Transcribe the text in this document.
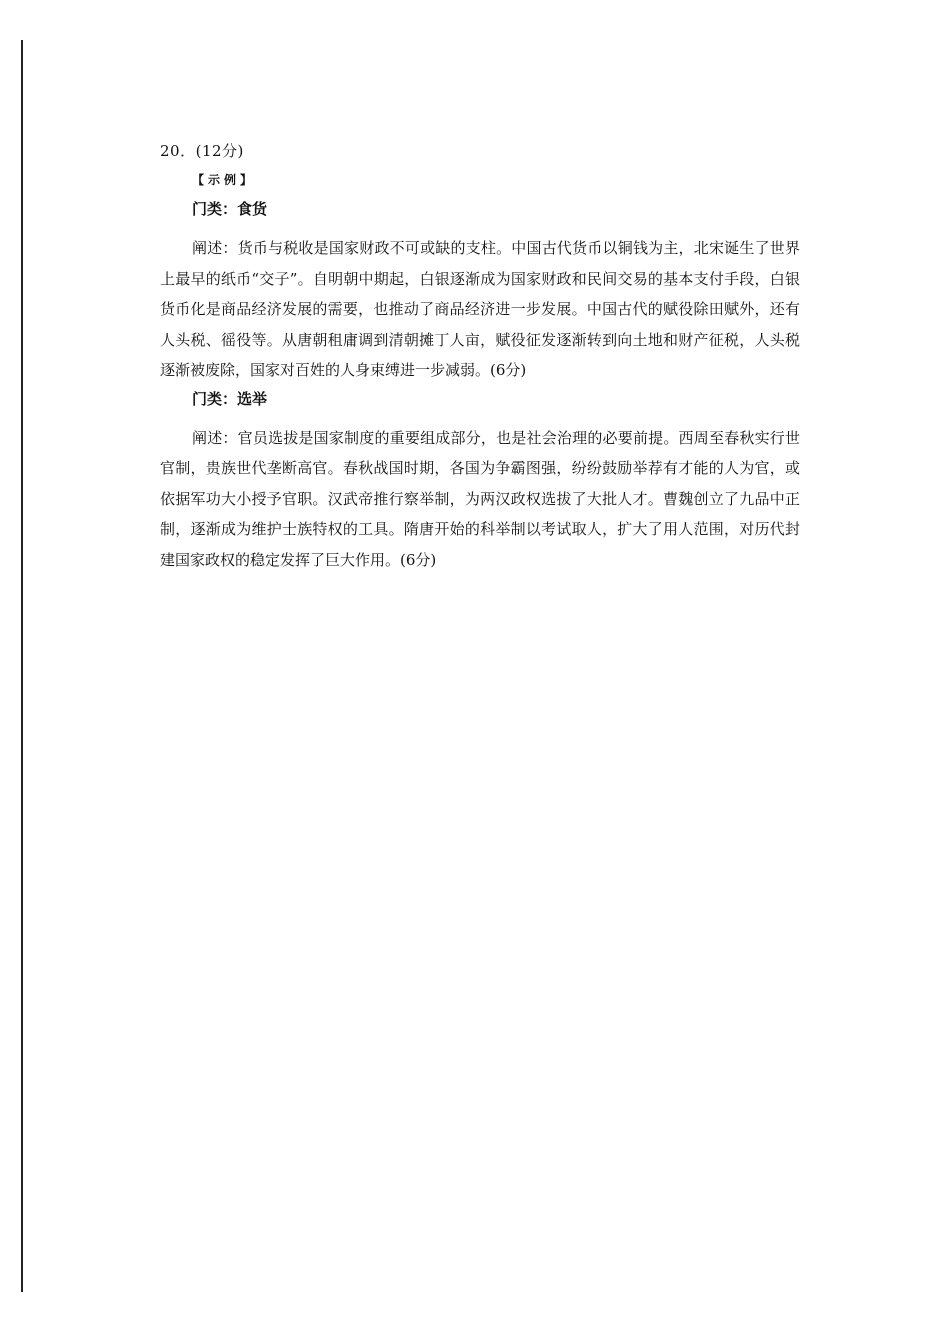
20．(12分)
【示例】
门类：食货

阐述：货币与税收是国家财政不可或缺的支柱。中国古代货币以铜钱为主，北宋诞生了世界上最早的纸币“交子”。自明朝中期起，白银逐渐成为国家财政和民间交易的基本支付手段，白银货币化是商品经济发展的需要，也推动了商品经济进一步发展。中国古代的赋役除田赋外，还有人头税、徭役等。从唐朝租庸调到清朝摊丁人亩，赋役征发逐渐转到向土地和财产征税，人头税逐渐被废除，国家对百姓的人身束缚进一步减弱。(6分)

门类：选举

阐述：官员选拔是国家制度的重要组成部分，也是社会治理的必要前提。西周至春秋实行世官制，贵族世代垄断高官。春秋战国时期，各国为争霸图强，纷纷鼓励举荐有才能的人为官，或依据军功大小授予官职。汉武帝推行察举制，为两汉政权选拔了大批人才。曹魏创立了九品中正制，逐渐成为维护士族特权的工具。隋唐开始的科举制以考试取人，扩大了用人范围，对历代封建国家政权的稳定发挥了巨大作用。(6分)
